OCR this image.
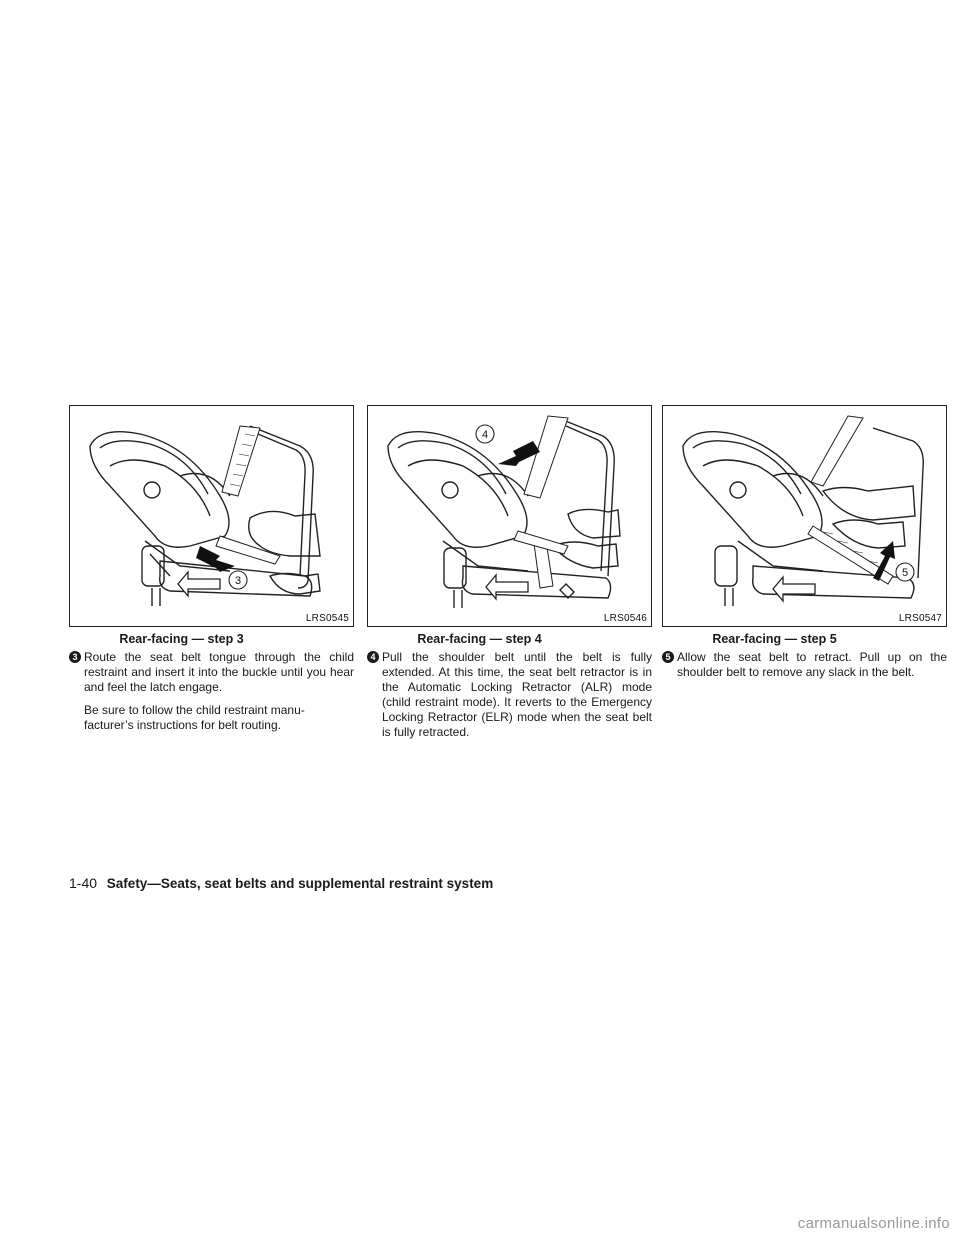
3
LRS0545
Rear-facing — step 3
3 Route the seat belt tongue through the child restraint and insert it into the buckle until you hear and feel the latch engage.
Be sure to follow the child restraint manu- facturer’s instructions for belt routing.
4
LRS0546
Rear-facing — step 4
4 Pull the shoulder belt until the belt is fully extended. At this time, the seat belt retractor is in the Automatic Locking Retractor (ALR) mode (child restraint mode). It reverts to the Emergency Locking Retractor (ELR) mode when the seat belt is fully retracted.
5
LRS0547
Rear-facing — step 5
5 Allow the seat belt to retract. Pull up on the shoulder belt to remove any slack in the belt.
1-40 Safety—Seats, seat belts and supplemental restraint system
carmanualsonline.info
